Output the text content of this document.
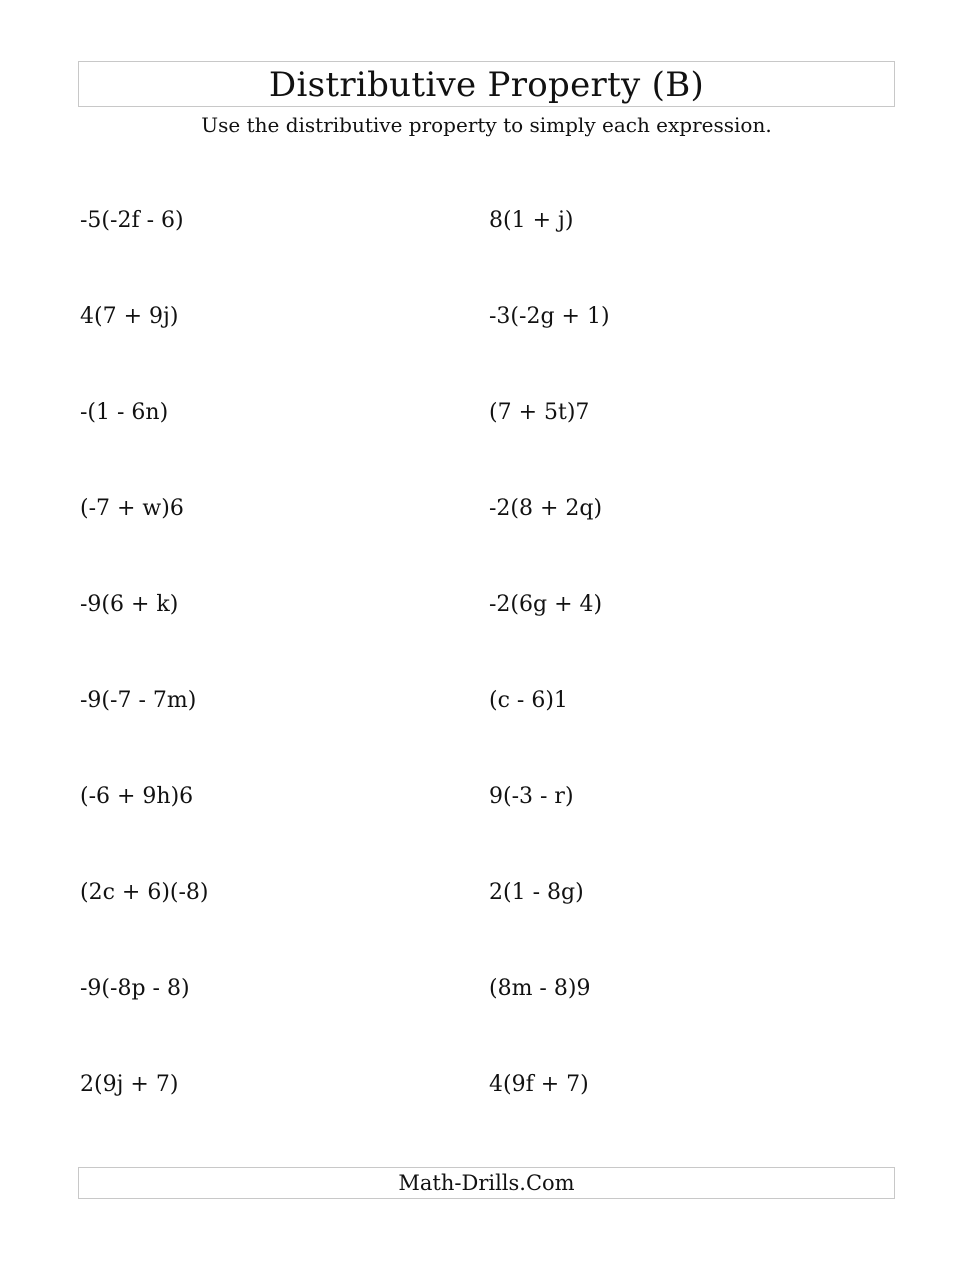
Distributive Property (B)
Use the distributive property to simply each expression.
-5(-2f - 6)	8(1 + j)
4(7 + 9j)	-3(-2g + 1)
-(1 - 6n)	(7 + 5t)7
(-7 + w)6	-2(8 + 2q)
-9(6 + k)	-2(6g + 4)
-9(-7 - 7m)	(c - 6)1
(-6 + 9h)6	9(-3 - r)
(2c + 6)(-8)	2(1 - 8g)
-9(-8p - 8)	(8m - 8)9
2(9j + 7)	4(9f + 7)
Math-Drills.Com
